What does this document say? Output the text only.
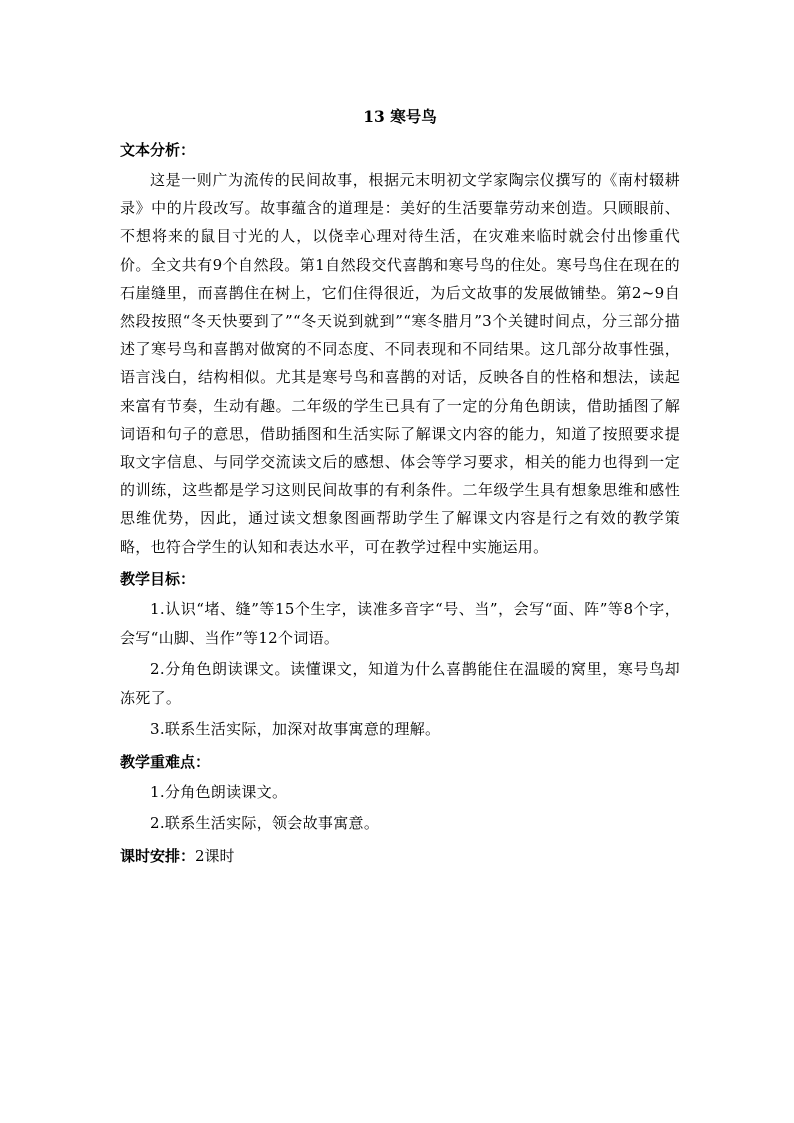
13 寒号鸟
文本分析：

这是一则广为流传的民间故事，根据元末明初文学家陶宗仪撰写的《南村辍耕录》中的片段改写。故事蕴含的道理是：美好的生活要靠劳动来创造。只顾眼前、不想将来的鼠目寸光的人，以侥幸心理对待生活，在灾难来临时就会付出惨重代价。全文共有9个自然段。第1自然段交代喜鹊和寒号鸟的住处。寒号鸟住在现在的石崖缝里，而喜鹊住在树上，它们住得很近，为后文故事的发展做铺垫。第2~9自然段按照“冬天快要到了”“冬天说到就到”“寒冬腊月”3个关键时间点，分三部分描述了寒号鸟和喜鹊对做窝的不同态度、不同表现和不同结果。这几部分故事性强，语言浅白，结构相似。尤其是寒号鸟和喜鹊的对话，反映各自的性格和想法，读起来富有节奏，生动有趣。二年级的学生已具有了一定的分角色朗读，借助插图了解词语和句子的意思，借助插图和生活实际了解课文内容的能力，知道了按照要求提取文字信息、与同学交流读文后的感想、体会等学习要求，相关的能力也得到一定的训练，这些都是学习这则民间故事的有利条件。二年级学生具有想象思维和感性思维优势，因此，通过读文想象图画帮助学生了解课文内容是行之有效的教学策略，也符合学生的认知和表达水平，可在教学过程中实施运用。

教学目标：

1.认识“堵、缝”等15个生字，读准多音字“号、当”，会写“面、阵”等8个字，会写“山脚、当作”等12个词语。

2.分角色朗读课文。读懂课文，知道为什么喜鹊能住在温暖的窝里，寒号鸟却冻死了。

3.联系生活实际，加深对故事寓意的理解。

教学重难点：

1.分角色朗读课文。

2.联系生活实际，领会故事寓意。

课时安排：2课时
